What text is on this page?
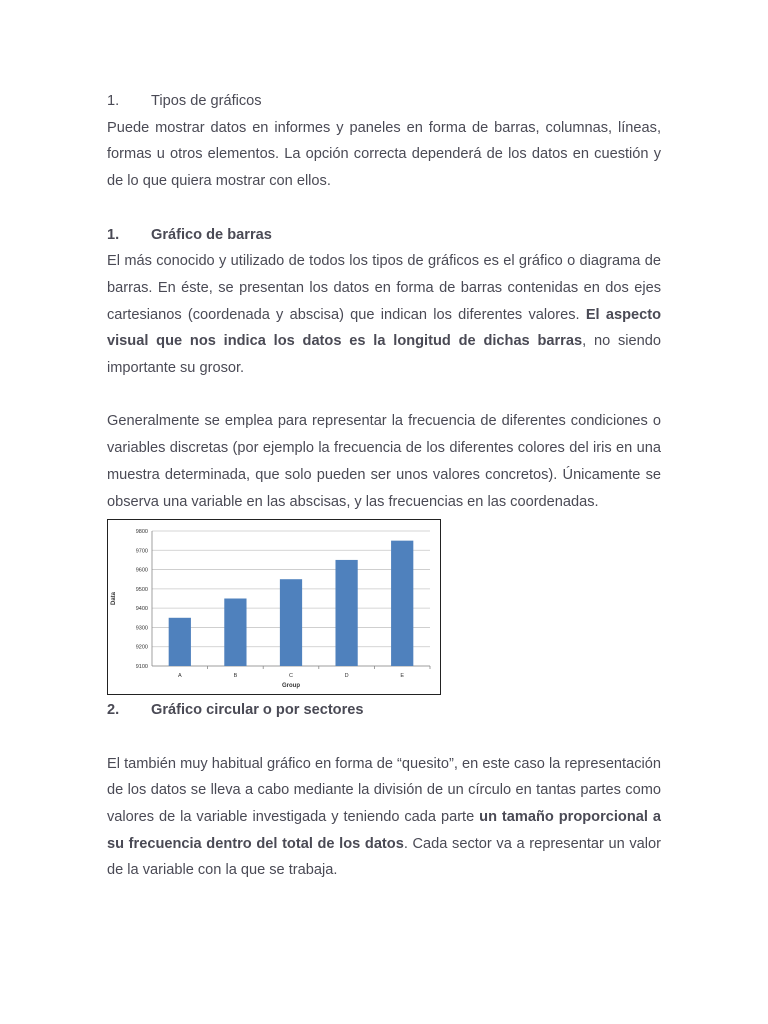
1.	Tipos de gráficos

Puede mostrar datos en informes y paneles en forma de barras, columnas, líneas, formas u otros elementos. La opción correcta dependerá de los datos en cuestión y de lo que quiera mostrar con ellos.

1.	Gráfico de barras

El más conocido y utilizado de todos los tipos de gráficos es el gráfico o diagrama de barras. En éste, se presentan los datos en forma de barras contenidas en dos ejes cartesianos (coordenada y abscisa) que indican los diferentes valores. El aspecto visual que nos indica los datos es la longitud de dichas barras, no siendo importante su grosor.

Generalmente se emplea para representar la frecuencia de diferentes condiciones o variables discretas (por ejemplo la frecuencia de los diferentes colores del iris en una muestra determinada, que solo pueden ser unos valores concretos). Únicamente se observa una variable en las abscisas, y las frecuencias en las coordenadas.

9100
9200
9300
9400
9500
9600
9700
9800
A	B	C	D	E
Group
Data
2.	Gráfico circular o por sectores

El también muy habitual gráfico en forma de “quesito”, en este caso la representación de los datos se lleva a cabo mediante la división de un círculo en tantas partes como valores de la variable investigada y teniendo cada parte un tamaño proporcional a su frecuencia dentro del total de los datos. Cada sector va a representar un valor de la variable con la que se trabaja.
